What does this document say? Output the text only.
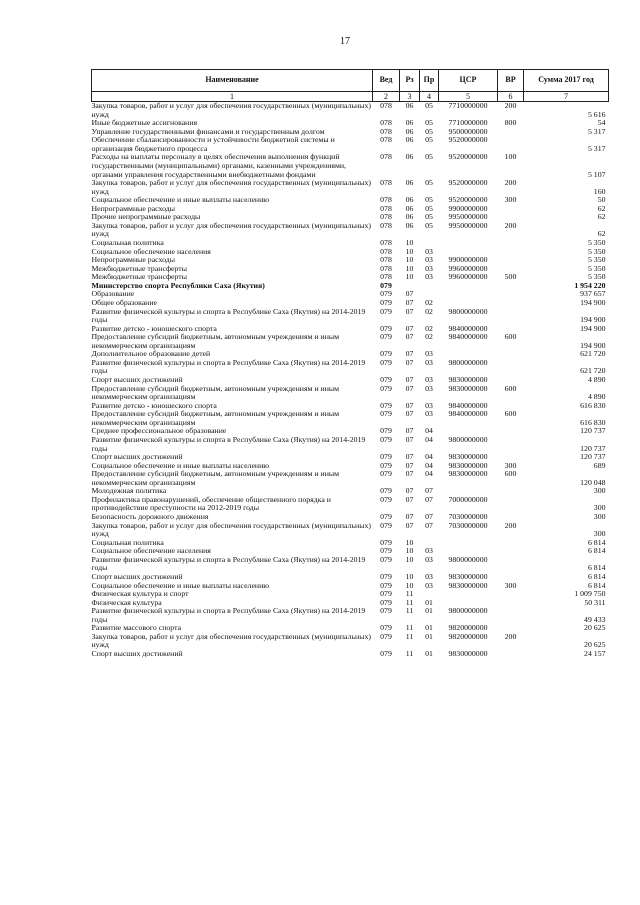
· · · · · · · ·
17
Наименование	Вед	Рз	Пр	ЦСР	ВР	Сумма 2017 год
1	2	3	4	5	6	7
Закупка товаров, работ и услуг для обеспечения государственных (муниципальных) нужд	078	06	05	7710000000	200	5 616
Иные бюджетные ассигнования	078	06	05	7710000000	800	54
Управление государственными финансами и государственным долгом	078	06	05	9500000000		5 317
Обеспечение сбалансированности и устойчивости бюджетной системы и организация бюджетного процесса	078	06	05	9520000000		5 317
Расходы на выплаты персоналу в целях обеспечения выполнения функций государственными (муниципальными) органами, казенными учреждениями, органами управления государственными внебюджетными фондами	078	06	05	9520000000	100	5 107
Закупка товаров, работ и услуг для обеспечения государственных (муниципальных) нужд	078	06	05	9520000000	200	160
Социальное обеспечение и иные выплаты населению	078	06	05	9520000000	300	50
Непрограммные расходы	078	06	05	9900000000		62
Прочие непрограммные расходы	078	06	05	9950000000		62
Закупка товаров, работ и услуг для обеспечения государственных (муниципальных) нужд	078	06	05	9950000000	200	62
Социальная политика	078	10				5 350
Социальное обеспечение населения	078	10	03			5 350
Непрограммные расходы	078	10	03	9900000000		5 350
Межбюджетные трансферты	078	10	03	9960000000		5 350
Межбюджетные трансферты	078	10	03	9960000000	500	5 350
Министерство спорта Республики Саха (Якутия)	079					1 954 220
Образование	079	07				937 657
Общее образование	079	07	02			194 900
Развитие физической культуры и спорта в Республике Саха (Якутия) на 2014-2019 годы	079	07	02	9800000000		194 900
Развитие детско - юношеского спорта	079	07	02	9840000000		194 900
Предоставление субсидий бюджетным, автономным учреждениям и иным некоммерческим организациям	079	07	02	9840000000	600	194 900
Дополнительное образование детей	079	07	03			621 720
Развитие физической культуры и спорта в Республике Саха (Якутия) на 2014-2019 годы	079	07	03	9800000000		621 720
Спорт высших достижений	079	07	03	9830000000		4 890
Предоставление субсидий бюджетным, автономным учреждениям и иным некоммерческим организациям	079	07	03	9830000000	600	4 890
Развитие детско - юношеского спорта	079	07	03	9840000000		616 830
Предоставление субсидий бюджетным, автономным учреждениям и иным некоммерческим организациям	079	07	03	9840000000	600	616 830
Среднее профессиональное образование	079	07	04			120 737
Развитие физической культуры и спорта в Республике Саха (Якутия) на 2014-2019 годы	079	07	04	9800000000		120 737
Спорт высших достижений	079	07	04	9830000000		120 737
Социальное обеспечение и иные выплаты населению	079	07	04	9830000000	300	689
Предоставление субсидий бюджетным, автономным учреждениям и иным некоммерческим организациям	079	07	04	9830000000	600	120 048
Молодежная политика	079	07	07			300
Профилактика правонарушений, обеспечение общественного порядка и противодействие преступности на 2012-2019 годы	079	07	07	7000000000		300
Безопасность дорожного движения	079	07	07	7030000000		300
Закупка товаров, работ и услуг для обеспечения государственных (муниципальных) нужд	079	07	07	7030000000	200	300
Социальная политика	079	10				6 814
Социальное обеспечение населения	079	10	03			6 814
Развитие физической культуры и спорта в Республике Саха (Якутия) на 2014-2019 годы	079	10	03	9800000000		6 814
Спорт высших достижений	079	10	03	9830000000		6 814
Социальное обеспечение и иные выплаты населению	079	10	03	9830000000	300	6 814
Физическая культура и спорт	079	11				1 009 750
Физическая культура	079	11	01			50 311
Развитие физической культуры и спорта в Республике Саха (Якутия) на 2014-2019 годы	079	11	01	9800000000		49 433
Развитие массового спорта	079	11	01	9820000000		20 625
Закупка товаров, работ и услуг для обеспечения государственных (муниципальных) нужд	079	11	01	9820000000	200	20 625
Спорт высших достижений	079	11	01	9830000000		24 157
